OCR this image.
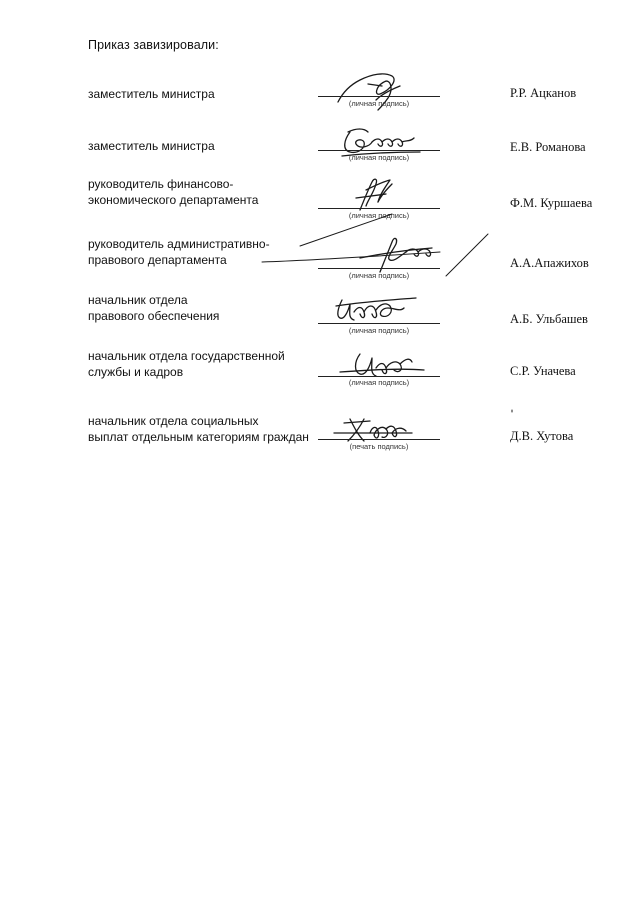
Приказ завизировали:
заместитель министра
(личная подпись)
Р.Р. Ацканов
заместитель министра
(личная подпись)
Е.В. Романова
руководитель финансово-
экономического департамента
(личная подпись)
Ф.М. Куршаева
руководитель административно-
правового департамента
(личная подпись)
А.А.Апажихов
начальник отдела
правового обеспечения
(личная подпись)
А.Б. Ульбашев
начальник отдела государственной
службы и кадров
(личная подпись)
С.Р. Уначева
начальник отдела социальных
выплат отдельным категориям граждан
(печать подпись)
Д.В. Хутова
